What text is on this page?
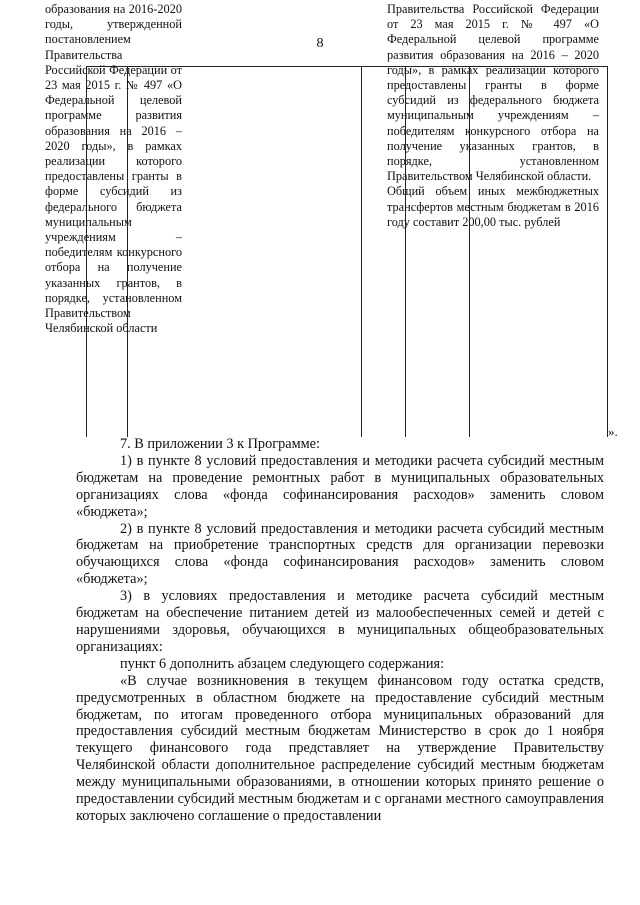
8
образования на 2016-2020 годы, утвержденной постановлением Правительства Российской Федерации от 23 мая 2015 г. № 497 «О Федеральной целевой программе развития образования на 2016 – 2020 годы», в рамках реализации которого предоставлены гранты в форме субсидий из федерального бюджета муниципальным учреждениям – победителям конкурсного отбора на получение указанных грантов, в порядке, установленном Правительством Челябинской области

Правительства Российской Федерации от 23 мая 2015 г. № 497 «О Федеральной целевой программе развития образования на 2016 – 2020 годы», в рамках реализации которого предоставлены гранты в форме субсидий из федерального бюджета муниципальным учреждениям – победителям конкурсного отбора на получение указанных грантов, в порядке, установленном Правительством Челябинской области.

Общий объем иных межбюджетных трансфертов местным бюджетам в 2016 году составит 200,00 тыс. рублей

».

7. В приложении 3 к Программе:

1) в пункте 8 условий предоставления и методики расчета субсидий местным бюджетам на проведение ремонтных работ в муниципальных образовательных организациях слова «фонда софинансирования расходов» заменить словом «бюджета»;

2) в пункте 8 условий предоставления и методики расчета субсидий местным бюджетам на приобретение транспортных средств для организации перевозки обучающихся слова «фонда софинансирования расходов» заменить словом «бюджета»;

3) в условиях предоставления и методике расчета субсидий местным бюджетам на обеспечение питанием детей из малообеспеченных семей и детей с нарушениями здоровья, обучающихся в муниципальных общеобразовательных организациях:

пункт 6 дополнить абзацем следующего содержания:

«В случае возникновения в текущем финансовом году остатка средств, предусмотренных в областном бюджете на предоставление субсидий местным бюджетам, по итогам проведенного отбора муниципальных образований для предоставления субсидий местным бюджетам Министерство в срок до 1 ноября текущего финансового года представляет на утверждение Правительству Челябинской области дополнительное распределение субсидий местным бюджетам между муниципальными образованиями, в отношении которых принято решение о предоставлении субсидий местным бюджетам и с органами местного самоуправления которых заключено соглашение о предоставлении
